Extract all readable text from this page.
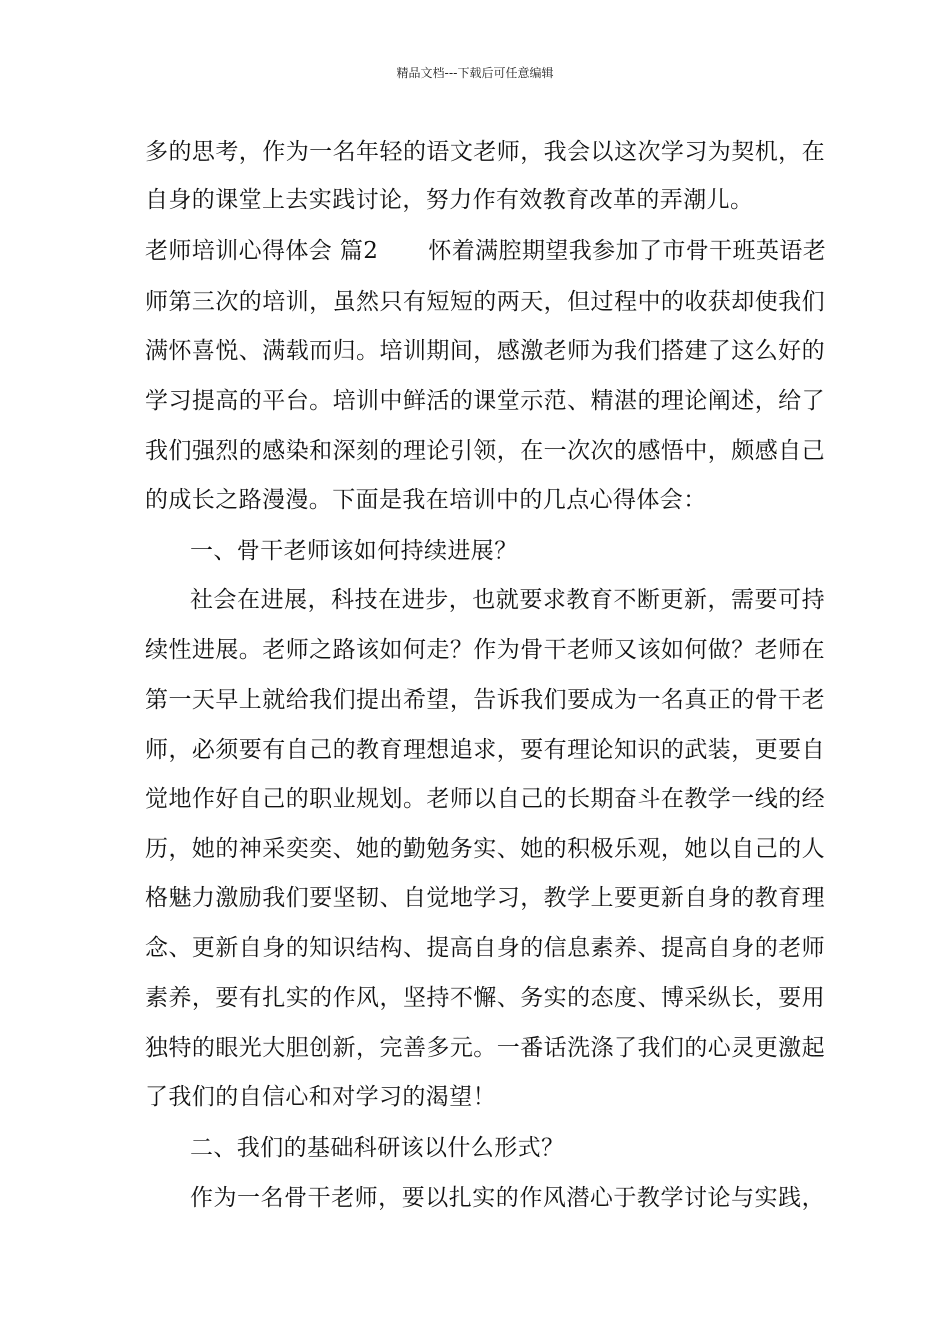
精品文档---下载后可任意编辑
多的思考，作为一名年轻的语文老师，我会以这次学习为契机，在
自身的课堂上去实践讨论，努力作有效教育改革的弄潮儿。
老师培训心得体会 篇2 怀着满腔期望我参加了市骨干班英语老
师第三次的培训，虽然只有短短的两天，但过程中的收获却使我们
满怀喜悦、满载而归。培训期间，感激老师为我们搭建了这么好的
学习提高的平台。培训中鲜活的课堂示范、精湛的理论阐述，给了
我们强烈的感染和深刻的理论引领，在一次次的感悟中，颇感自己
的成长之路漫漫。下面是我在培训中的几点心得体会：
一、骨干老师该如何持续进展？
社会在进展，科技在进步，也就要求教育不断更新，需要可持
续性进展。老师之路该如何走？作为骨干老师又该如何做？老师在
第一天早上就给我们提出希望，告诉我们要成为一名真正的骨干老
师，必须要有自己的教育理想追求，要有理论知识的武装，更要自
觉地作好自己的职业规划。老师以自己的长期奋斗在教学一线的经
历，她的神采奕奕、她的勤勉务实、她的积极乐观，她以自己的人
格魅力激励我们要坚韧、自觉地学习，教学上要更新自身的教育理
念、更新自身的知识结构、提高自身的信息素养、提高自身的老师
素养，要有扎实的作风，坚持不懈、务实的态度、博采纵长，要用
独特的眼光大胆创新，完善多元。一番话洗涤了我们的心灵更激起
了我们的自信心和对学习的渴望！
二、我们的基础科研该以什么形式？
作为一名骨干老师，要以扎实的作风潜心于教学讨论与实践，
